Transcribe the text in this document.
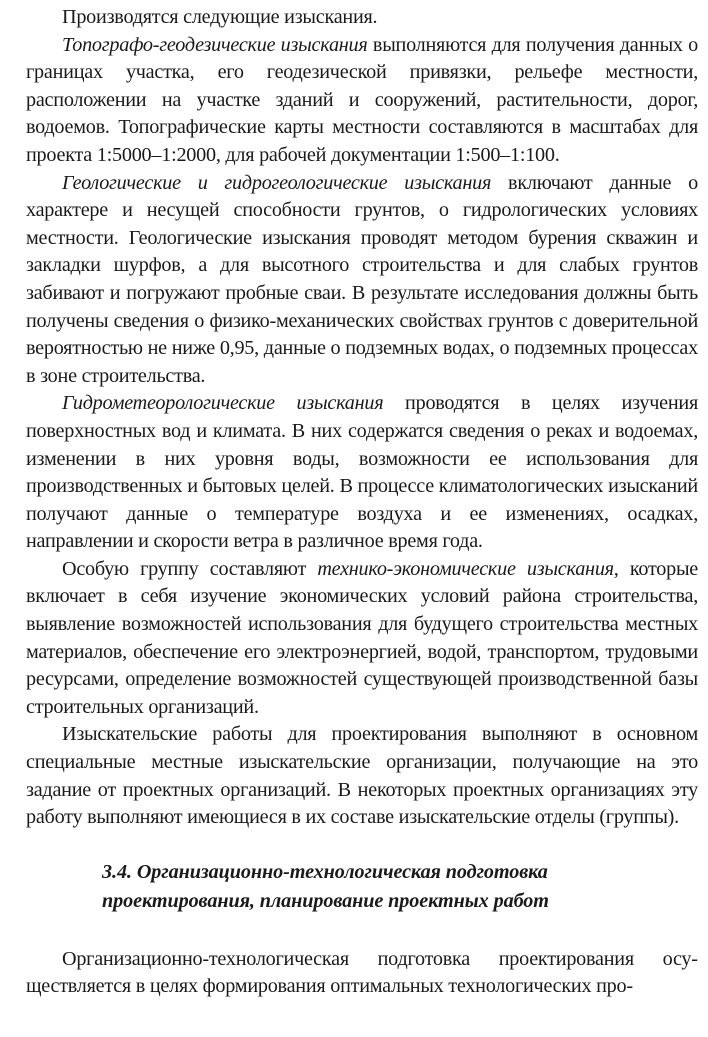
Производятся следующие изыскания.

Топографо-геодезические изыскания выполняются для получения данных о границах участка, его геодезической привязки, рельефе местности, расположении на участке зданий и сооружений, растительности, дорог, водоемов. Топографические карты местности составляются в масштабах для проекта 1:5000–1:2000, для рабочей документации 1:500–1:100.

Геологические и гидрогеологические изыскания включают данные о характере и несущей способности грунтов, о гидрологических условиях местности. Геологические изыскания проводят методом бурения скважин и закладки шурфов, а для высотного строительства и для слабых грунтов забивают и погружают пробные сваи. В результате исследования должны быть получены сведения о физико-механических свойствах грунтов с доверительной вероятностью не ниже 0,95, данные о подземных водах, о подземных процессах в зоне строительства.

Гидрометеорологические изыскания проводятся в целях изучения поверхностных вод и климата. В них содержатся сведения о реках и водоемах, изменении в них уровня воды, возможности ее использования для производственных и бытовых целей. В процессе климатологических изысканий получают данные о температуре воздуха и ее изменениях, осадках, направлении и скорости ветра в различное время года.

Особую группу составляют технико-экономические изыскания, которые включает в себя изучение экономических условий района строительства, выявление возможностей использования для будущего строительства местных материалов, обеспечение его электроэнергией, водой, транспортом, трудовыми ресурсами, определение возможностей существующей производственной базы строительных организаций.

Изыскательские работы для проектирования выполняют в основном специальные местные изыскательские организации, получающие на это задание от проектных организаций. В некоторых проектных организациях эту работу выполняют имеющиеся в их составе изыскательские отделы (группы).

3.4. Организационно-технологическая подготовка
проектирования, планирование проектных работ

Организационно-технологическая подготовка проектирования осуществляется в целях формирования оптимальных технологических про-
